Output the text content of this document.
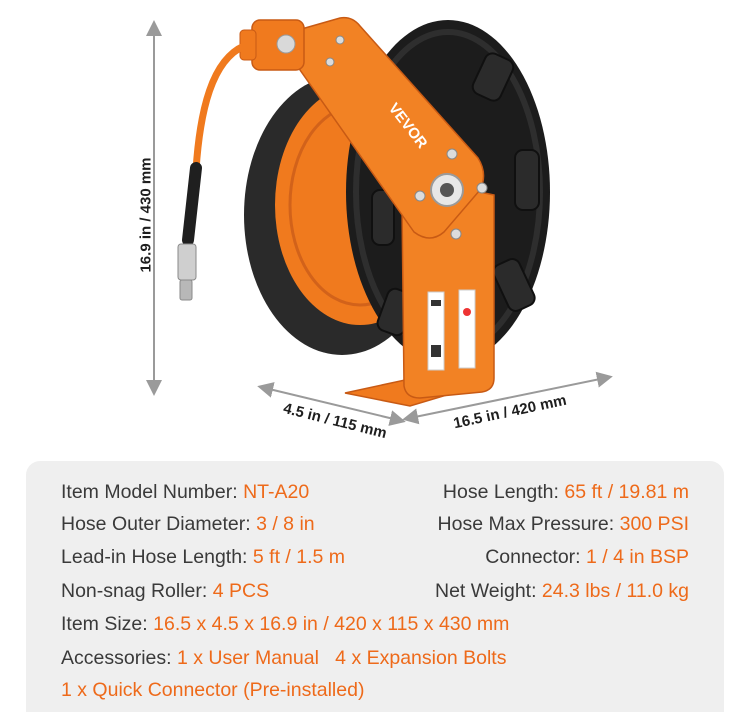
VEVOR
16.9 in / 430 mm
4.5 in / 115 mm	16.5 in / 420 mm
Item Model Number: NT-A20	Hose Length: 65 ft / 19.81 m
Hose Outer Diameter: 3 / 8 in	Hose Max Pressure: 300 PSI
Lead-in Hose Length: 5 ft / 1.5 m	Connector: 1 / 4 in BSP
Non-snag Roller: 4 PCS	Net Weight: 24.3 lbs / 11.0 kg
Item Size: 16.5 x 4.5 x 16.9 in / 420 x 115 x 430 mm
Accessories: 1 x User Manual   4 x Expansion Bolts
1 x Quick Connector (Pre-installed)
